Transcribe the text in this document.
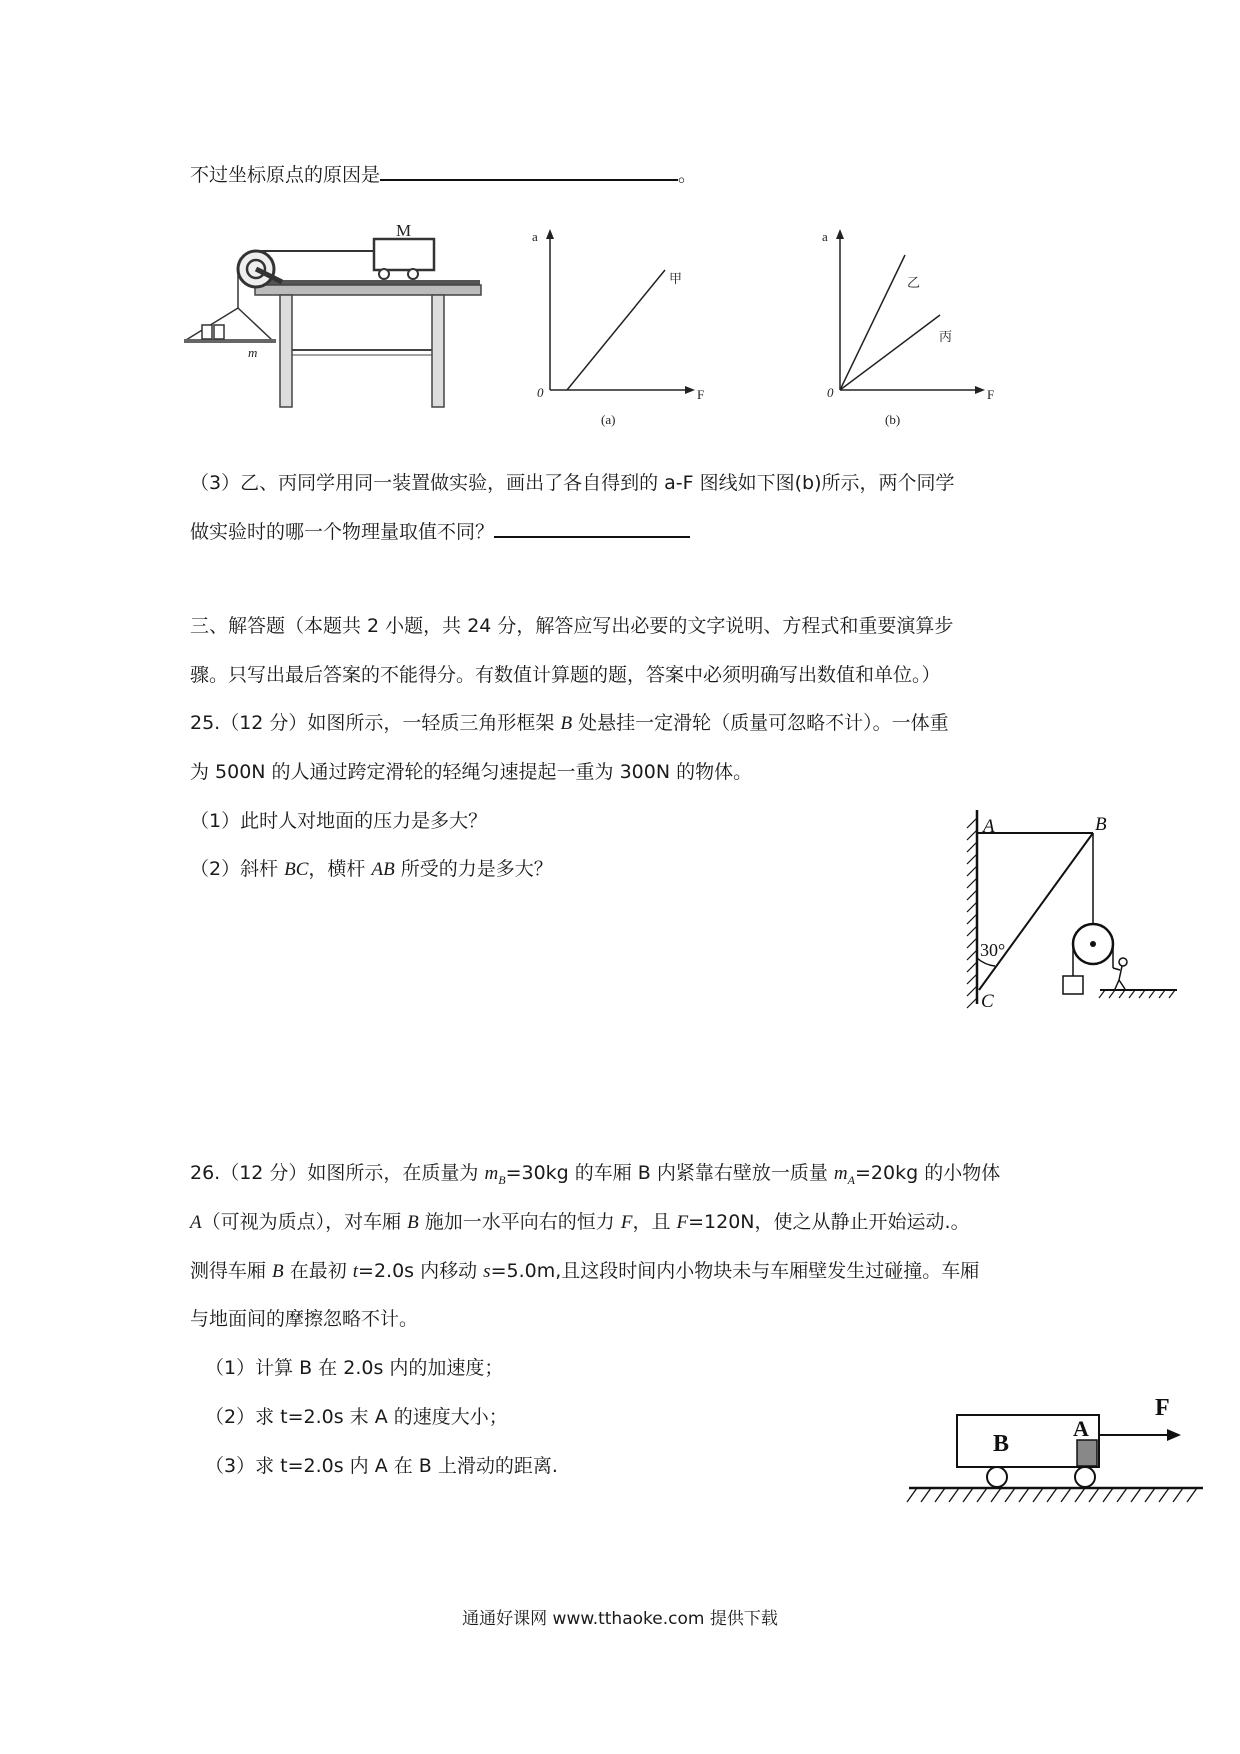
不过坐标原点的原因是	。
M
m
a
F
0
甲
(a)
a
F
0
乙
丙
(b)
（3）乙、丙同学用同一装置做实验，画出了各自得到的 a-F 图线如下图(b)所示，两个同学
做实验时的哪一个物理量取值不同？
三、解答题（本题共 2 小题，共 24 分，解答应写出必要的文字说明、方程式和重要演算步
骤。只写出最后答案的不能得分。有数值计算题的题，答案中必须明确写出数值和单位。）
25.（12 分）如图所示，一轻质三角形框架 B 处悬挂一定滑轮（质量可忽略不计）。一体重
为 500N 的人通过跨定滑轮的轻绳匀速提起一重为 300N 的物体。
（1）此时人对地面的压力是多大？
（2）斜杆 BC，横杆 AB 所受的力是多大？
A	B
C
30°
26.（12 分）如图所示，在质量为 $m_B=30kg$ 的车厢 B 内紧靠右壁放一质量 $m_A=20kg$ 的小物体
A（可视为质点），对车厢 B 施加一水平向右的恒力 F，且 F=120N，使之从静止开始运动.。
测得车厢 B 在最初 t=2.0s 内移动 s=5.0m,且这段时间内小物块未与车厢壁发生过碰撞。车厢
与地面间的摩擦忽略不计。
（1）计算 B 在 2.0s 内的加速度；
（2）求 t=2.0s 末 A 的速度大小；
（3）求 t=2.0s 内 A 在 B 上滑动的距离.
B
A
F
通通好课网 www.tthaoke.com 提供下载
